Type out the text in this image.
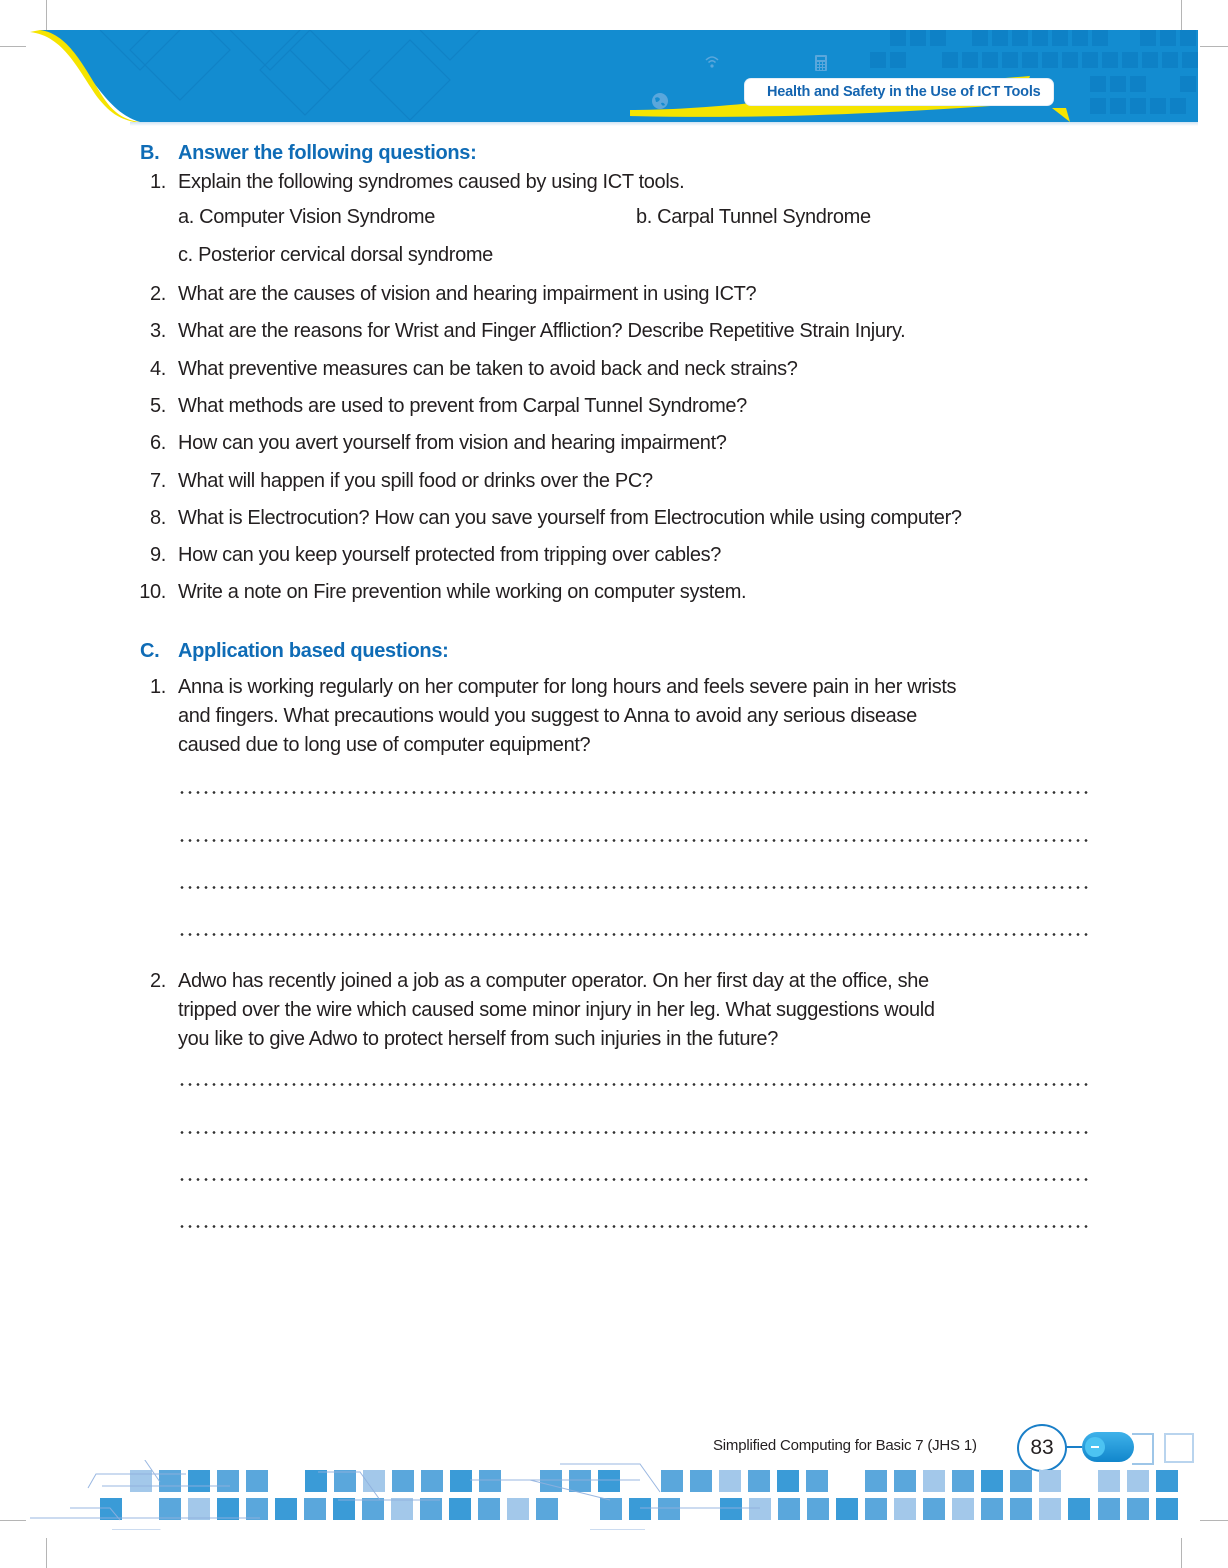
Health and Safety in the Use of ICT Tools
B. Answer the following questions:
1. Explain the following syndromes caused by using ICT tools.
a. Computer Vision Syndrome	b. Carpal Tunnel Syndrome
c. Posterior cervical dorsal syndrome
2. What are the causes of vision and hearing impairment in using ICT?
3. What are the reasons for Wrist and Finger Affliction? Describe Repetitive Strain Injury.
4. What preventive measures can be taken to avoid back and neck strains?
5. What methods are used to prevent from Carpal Tunnel Syndrome?
6. How can you avert yourself from vision and hearing impairment?
7. What will happen if you spill food or drinks over the PC?
8. What is Electrocution? How can you save yourself from Electrocution while using computer?
9. How can you keep yourself protected from tripping over cables?
10. Write a note on Fire prevention while working on computer system.
C. Application based questions:
1. Anna is working regularly on her computer for long hours and feels severe pain in her wrists
and fingers. What precautions would you suggest to Anna to avoid any serious disease
caused due to long use of computer equipment?
2. Adwo has recently joined a job as a computer operator. On her first day at the office, she
tripped over the wire which caused some minor injury in her leg. What suggestions would
you like to give Adwo to protect herself from such injuries in the future?
Simplified Computing for Basic 7 (JHS 1)	83
